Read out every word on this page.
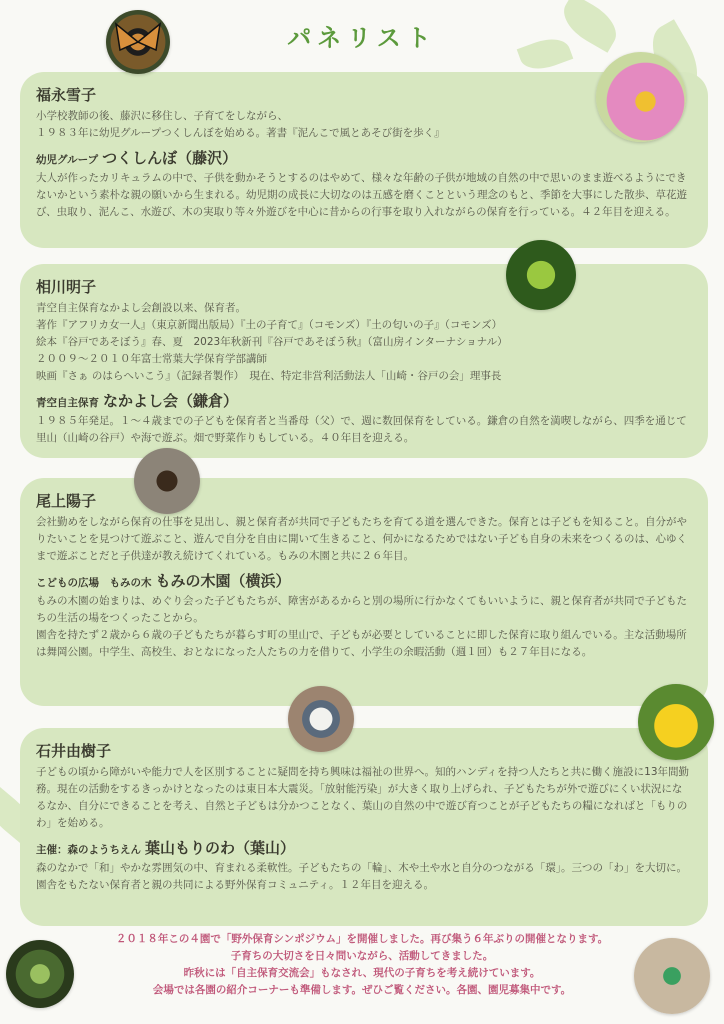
パネリスト
福永雪子
小学校教師の後、藤沢に移住し、子育てをしながら、
１９８３年に幼児グループつくしんぼを始める。著書『泥んこで風とあそび街を歩く』
幼児グループ つくしんぼ（藤沢）
大人が作ったカリキュラムの中で、子供を動かそうとするのはやめて、様々な年齢の子供が地域の自然の中で思いのまま遊べるようにできないかという素朴な親の願いから生まれる。幼児期の成長に大切なのは五感を磨くことという理念のもと、季節を大事にした散歩、草花遊び、虫取り、泥んこ、水遊び、木の実取り等々外遊びを中心に昔からの行事を取り入れながらの保育を行っている。４２年目を迎える。
相川明子
青空自主保育なかよし会創設以来、保育者。
著作『アフリカ女一人』（東京新聞出版局）『土の子育て』（コモンズ）『土の匂いの子』（コモンズ）
絵本『谷戸であそぼう』春、夏　2023年秋新刊『谷戸であそぼう秋』（富山房インターナショナル）
２００９～２０１０年富士常葉大学保育学部講師
映画『さぁ のはらへいこう』（記録者製作）　現在、特定非営利活動法人「山崎・谷戸の会」理事長
青空自主保育 なかよし会（鎌倉）
１９８５年発足。１～４歳までの子どもを保育者と当番母（父）で、週に数回保育をしている。鎌倉の自然を満喫しながら、四季を通じて里山（山崎の谷戸）や海で遊ぶ。畑で野菜作りもしている。４０年目を迎える。
尾上陽子
会社勤めをしながら保育の仕事を見出し、親と保育者が共同で子どもたちを育てる道を選んできた。保育とは子どもを知ること。自分がやりたいことを見つけて遊ぶこと、遊んで自分を自由に開いて生きること、何かになるためではない子ども自身の未来をつくるのは、心ゆくまで遊ぶことだと子供達が教え続けてくれている。もみの木園と共に２６年目。
こどもの広場　もみの木 もみの木園（横浜）
もみの木園の始まりは、めぐり会った子どもたちが、障害があるからと別の場所に行かなくてもいいように、親と保育者が共同で子どもたちの生活の場をつくったことから。
園舎を持たず２歳から６歳の子どもたちが暮らす町の里山で、子どもが必要としていることに即した保育に取り組んでいる。主な活動場所は舞岡公園。中学生、高校生、おとなになった人たちの力を借りて、小学生の余暇活動（週１回）も２７年目になる。
石井由樹子
子どもの頃から障がいや能力で人を区別することに疑問を持ち興味は福祉の世界へ。知的ハンディを持つ人たちと共に働く施設に13年間勤務。現在の活動をするきっかけとなったのは東日本大震災。「放射能汚染」が大きく取り上げられ、子どもたちが外で遊びにくい状況になるなか、自分にできることを考え、自然と子どもは分かつことなく、葉山の自然の中で遊び育つことが子どもたちの糧になればと「もりのわ」を始める。
主催：森のようちえん 葉山もりのわ（葉山）
森のなかで「和」やかな雰囲気の中、育まれる柔軟性。子どもたちの「輪」、木や土や水と自分のつながる「環」。三つの「わ」を大切に。園舎をもたない保育者と親の共同による野外保育コミュニティ。１２年目を迎える。
２０１８年この４園で「野外保育シンポジウム」を開催しました。再び集う６年ぶりの開催となります。
子育ちの大切さを日々問いながら、活動してきました。
昨秋には「自主保育交流会」もなされ、現代の子育ちを考え続けています。
会場では各園の紹介コーナーも準備します。ぜひご覧ください。各園、園児募集中です。
